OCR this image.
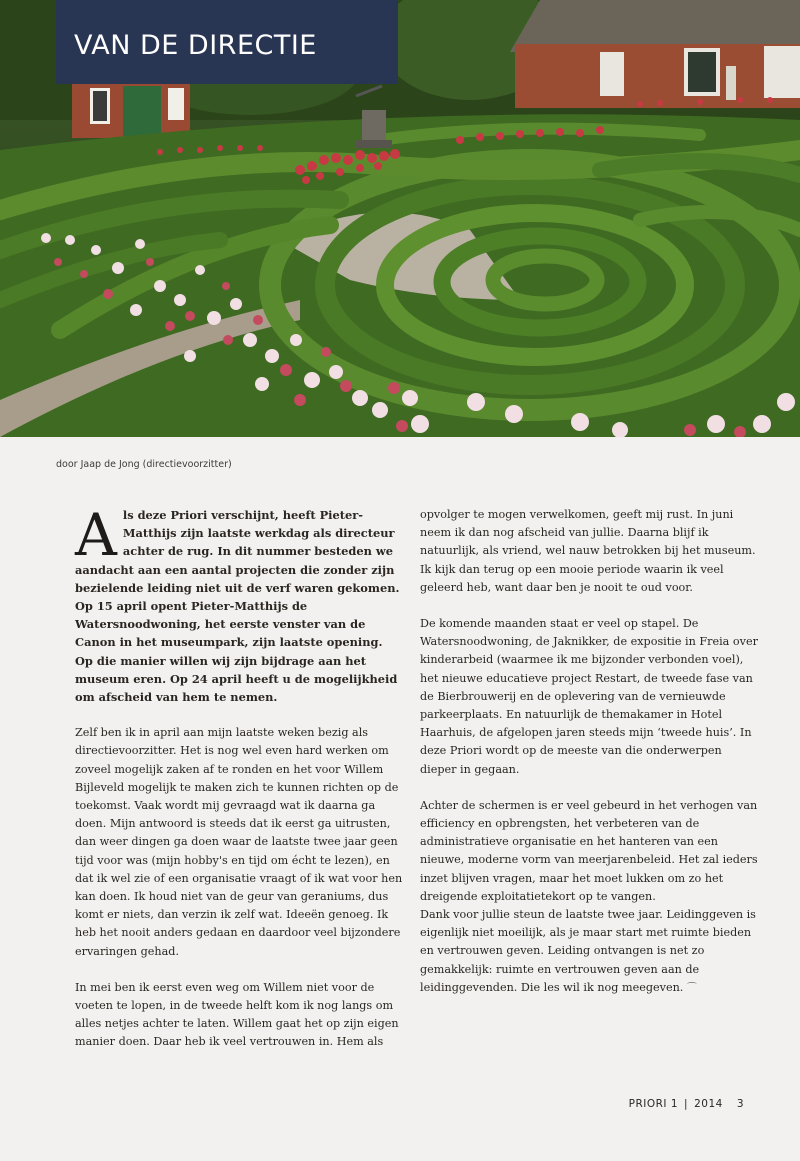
VAN DE DIRECTIE
door Jaap de Jong (directievoorzitter)

Als deze Priori verschijnt, heeft Pieter-Matthijs zijn laatste werkdag als directeur achter de rug. In dit nummer besteden we aandacht aan een aantal projecten die zonder zijn bezielende leiding niet uit de verf waren gekomen. Op 15 april opent Pieter-Matthijs de Watersnoodwoning, het eerste venster van de Canon in het museumpark, zijn laatste opening. Op die manier willen wij zijn bijdrage aan het museum eren. Op 24 april heeft u de mogelijkheid om afscheid van hem te nemen.

Zelf ben ik in april aan mijn laatste weken bezig als directievoorzitter. Het is nog wel even hard werken om zoveel mogelijk zaken af te ronden en het voor Willem Bijleveld mogelijk te maken zich te kunnen richten op de toekomst. Vaak wordt mij gevraagd wat ik daarna ga doen. Mijn antwoord is steeds dat ik eerst ga uitrusten, dan weer dingen ga doen waar de laatste twee jaar geen tijd voor was (mijn hobby's en tijd om écht te lezen), en dat ik wel zie of een organisatie vraagt of ik wat voor hen kan doen. Ik houd niet van de geur van geraniums, dus komt er niets, dan verzin ik zelf wat. Ideeën genoeg. Ik heb het nooit anders gedaan en daardoor veel bijzondere ervaringen gehad.

In mei ben ik eerst even weg om Willem niet voor de voeten te lopen, in de tweede helft kom ik nog langs om alles netjes achter te laten. Willem gaat het op zijn eigen manier doen. Daar heb ik veel vertrouwen in. Hem als

opvolger te mogen verwelkomen, geeft mij rust. In juni neem ik dan nog afscheid van jullie. Daarna blijf ik natuurlijk, als vriend, wel nauw betrokken bij het museum. Ik kijk dan terug op een mooie periode waarin ik veel geleerd heb, want daar ben je nooit te oud voor.

De komende maanden staat er veel op stapel. De Watersnoodwoning, de Jaknikker, de expositie in Freia over kinderarbeid (waarmee ik me bijzonder verbonden voel), het nieuwe educatieve project Restart, de tweede fase van de Bierbrouwerij en de oplevering van de vernieuwde parkeerplaats. En natuurlijk de themakamer in Hotel Haarhuis, de afgelopen jaren steeds mijn ‘tweede huis’. In deze Priori wordt op de meeste van die onderwerpen dieper in gegaan.

Achter de schermen is er veel gebeurd in het verhogen van efficiency en opbrengsten, het verbeteren van de administratieve organisatie en het hanteren van een nieuwe, moderne vorm van meerjarenbeleid. Het zal ieders inzet blijven vragen, maar het moet lukken om zo het dreigende exploitatietekort op te vangen.

Dank voor jullie steun de laatste twee jaar. Leidinggeven is eigenlijk niet moeilijk, als je maar start met ruimte bieden en vertrouwen geven. Leiding ontvangen is net zo gemakkelijk: ruimte en vertrouwen geven aan de leidinggevenden. Die les wil ik nog meegeven. ⌒

PRIORI 1 | 2014 3
